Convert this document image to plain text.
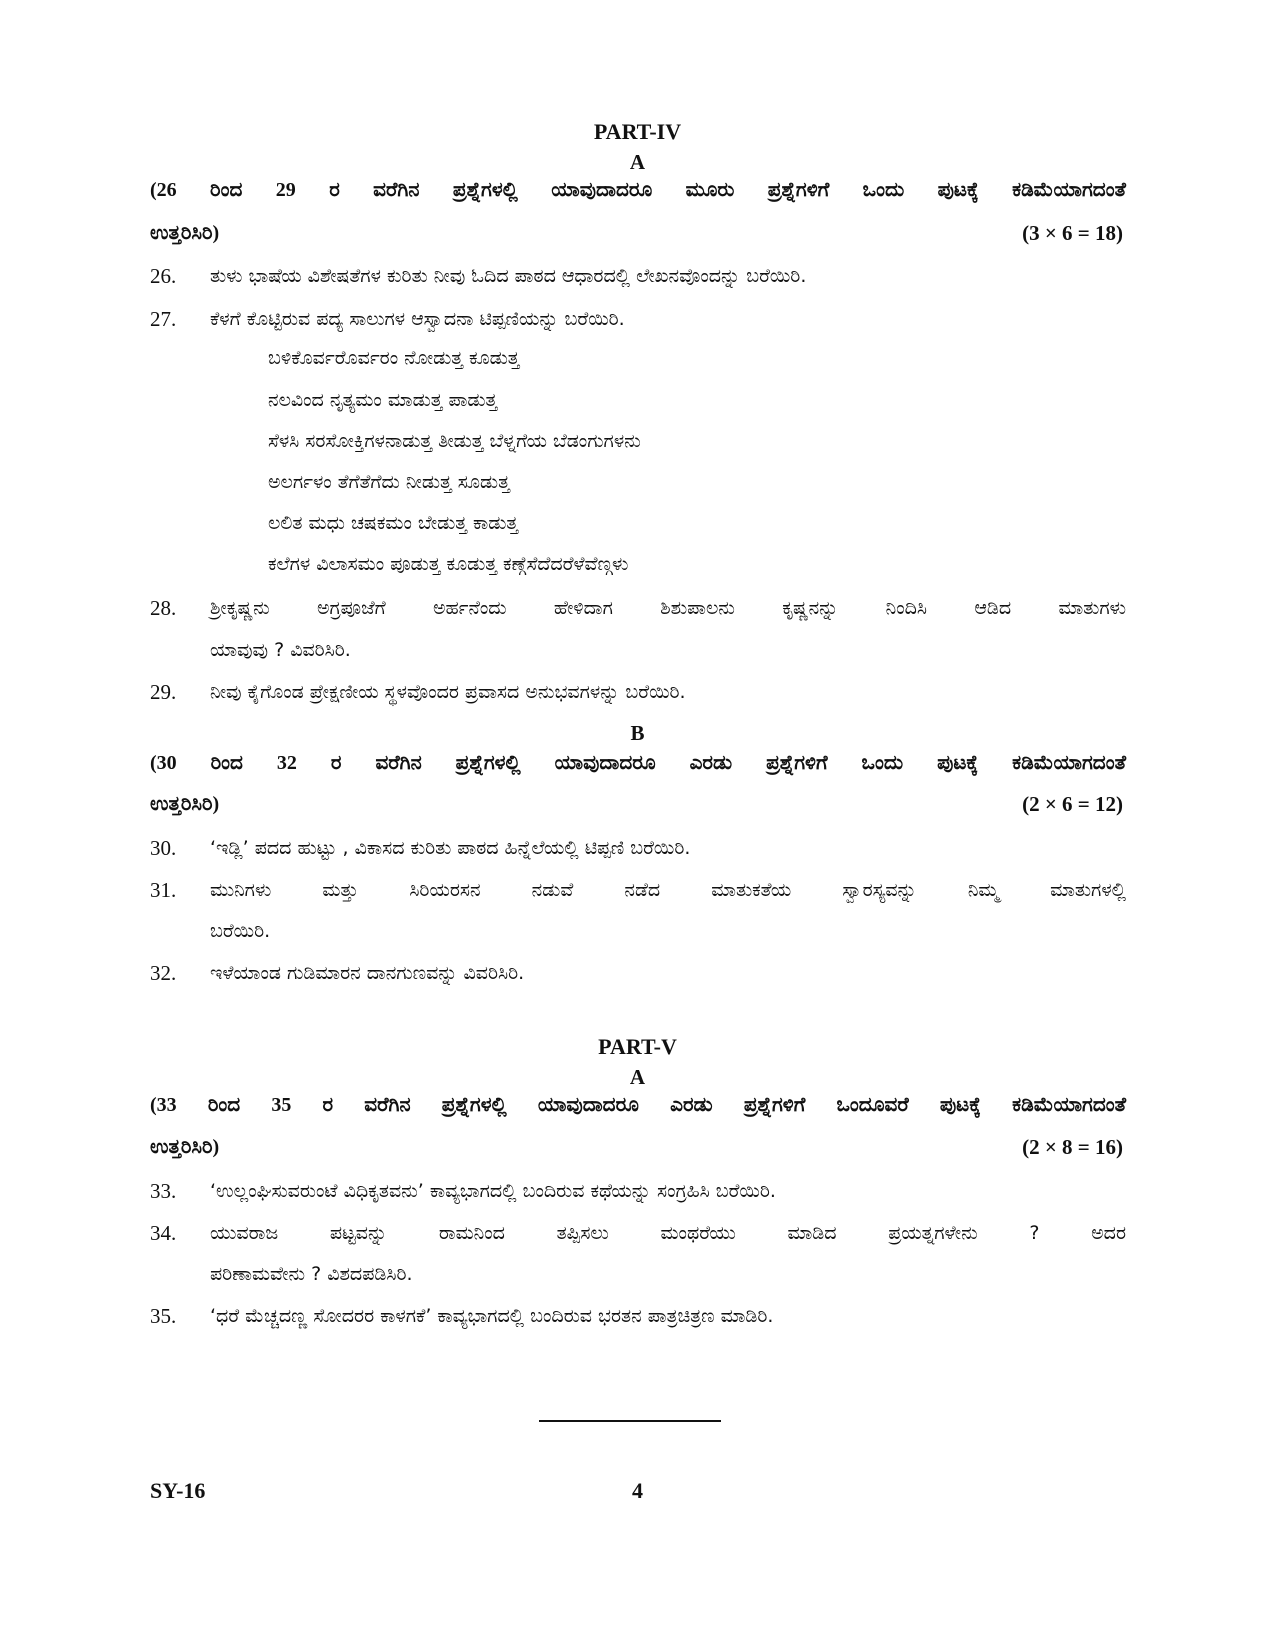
PART-IV
A
(26 ರಿಂದ 29 ರ ವರೆಗಿನ ಪ್ರಶ್ನೆಗಳಲ್ಲಿ ಯಾವುದಾದರೂ ಮೂರು ಪ್ರಶ್ನೆಗಳಿಗೆ ಒಂದು ಪುಟಕ್ಕೆ ಕಡಿಮೆಯಾಗದಂತೆ
ಉತ್ತರಿಸಿರಿ)	(3 × 6 = 18)
26. ತುಳು ಭಾಷೆಯ ವಿಶೇಷತೆಗಳ ಕುರಿತು ನೀವು ಓದಿದ ಪಾಠದ ಆಧಾರದಲ್ಲಿ ಲೇಖನವೊಂದನ್ನು ಬರೆಯಿರಿ.
27. ಕೆಳಗೆ ಕೊಟ್ಟಿರುವ ಪದ್ಯ ಸಾಲುಗಳ ಆಸ್ವಾದನಾ ಟಿಪ್ಪಣಿಯನ್ನು ಬರೆಯಿರಿ.
ಬಳಿಕೊರ್ವರೊರ್ವರಂ ನೋಡುತ್ತ ಕೂಡುತ್ತ
ನಲವಿಂದ ನೃತ್ಯಮಂ ಮಾಡುತ್ತ ಪಾಡುತ್ತ
ಸೆಳಸಿ ಸರಸೋಕ್ತಿಗಳನಾಡುತ್ತ ತೀಡುತ್ತ ಬೆಳ್ನಗೆಯ ಬೆಡಂಗುಗಳನು
ಅಲರ್ಗಳಂ ತೆಗೆತೆಗೆದು ನೀಡುತ್ತ ಸೂಡುತ್ತ
ಲಲಿತ ಮಧು ಚಷಕಮಂ ಬೇಡುತ್ತ ಕಾಡುತ್ತ
ಕಲೆಗಳ ವಿಲಾಸಮಂ ಪೂಡುತ್ತ ಕೂಡುತ್ತ ಕಣ್ಗೆಸೆದೆದರೆಳೆವೆಣ್ಗಳು
28. ಶ್ರೀಕೃಷ್ಣನು ಅಗ್ರಪೂಜೆಗೆ ಅರ್ಹನೆಂದು ಹೇಳಿದಾಗ ಶಿಶುಪಾಲನು ಕೃಷ್ಣನನ್ನು ನಿಂದಿಸಿ ಆಡಿದ ಮಾತುಗಳು
ಯಾವುವು ? ವಿವರಿಸಿರಿ.
29. ನೀವು ಕೈಗೊಂಡ ಪ್ರೇಕ್ಷಣೀಯ ಸ್ಥಳವೊಂದರ ಪ್ರವಾಸದ ಅನುಭವಗಳನ್ನು ಬರೆಯಿರಿ.
B
(30 ರಿಂದ 32 ರ ವರೆಗಿನ ಪ್ರಶ್ನೆಗಳಲ್ಲಿ ಯಾವುದಾದರೂ ಎರಡು ಪ್ರಶ್ನೆಗಳಿಗೆ ಒಂದು ಪುಟಕ್ಕೆ ಕಡಿಮೆಯಾಗದಂತೆ
ಉತ್ತರಿಸಿರಿ)	(2 × 6 = 12)
30. ‘ಇಡ್ಲಿ’ ಪದದ ಹುಟ್ಟು , ವಿಕಾಸದ ಕುರಿತು ಪಾಠದ ಹಿನ್ನೆಲೆಯಲ್ಲಿ ಟಿಪ್ಪಣಿ ಬರೆಯಿರಿ.
31. ಮುನಿಗಳು ಮತ್ತು ಸಿರಿಯರಸನ ನಡುವೆ ನಡೆದ ಮಾತುಕತೆಯ ಸ್ವಾರಸ್ಯವನ್ನು ನಿಮ್ಮ ಮಾತುಗಳಲ್ಲಿ
ಬರೆಯಿರಿ.
32. ಇಳೆಯಾಂಡ ಗುಡಿಮಾರನ ದಾನಗುಣವನ್ನು ವಿವರಿಸಿರಿ.
PART-V
A
(33 ರಿಂದ 35 ರ ವರೆಗಿನ ಪ್ರಶ್ನೆಗಳಲ್ಲಿ ಯಾವುದಾದರೂ ಎರಡು ಪ್ರಶ್ನೆಗಳಿಗೆ ಒಂದೂವರೆ ಪುಟಕ್ಕೆ ಕಡಿಮೆಯಾಗದಂತೆ
ಉತ್ತರಿಸಿರಿ)	(2 × 8 = 16)
33. ‘ಉಲ್ಲಂಘಿಸುವರುಂಟೆ ವಿಧಿಕೃತವನು’ ಕಾವ್ಯಭಾಗದಲ್ಲಿ ಬಂದಿರುವ ಕಥೆಯನ್ನು ಸಂಗ್ರಹಿಸಿ ಬರೆಯಿರಿ.
34. ಯುವರಾಜ ಪಟ್ಟವನ್ನು ರಾಮನಿಂದ ತಪ್ಪಿಸಲು ಮಂಥರೆಯು ಮಾಡಿದ ಪ್ರಯತ್ನಗಳೇನು ? ಅದರ
ಪರಿಣಾಮವೇನು ? ವಿಶದಪಡಿಸಿರಿ.
35. ‘ಧರೆ ಮೆಚ್ಚದಣ್ಣ ಸೋದರರ ಕಾಳಗಕೆ’ ಕಾವ್ಯಭಾಗದಲ್ಲಿ ಬಂದಿರುವ ಭರತನ ಪಾತ್ರಚಿತ್ರಣ ಮಾಡಿರಿ.
SY-16	4
